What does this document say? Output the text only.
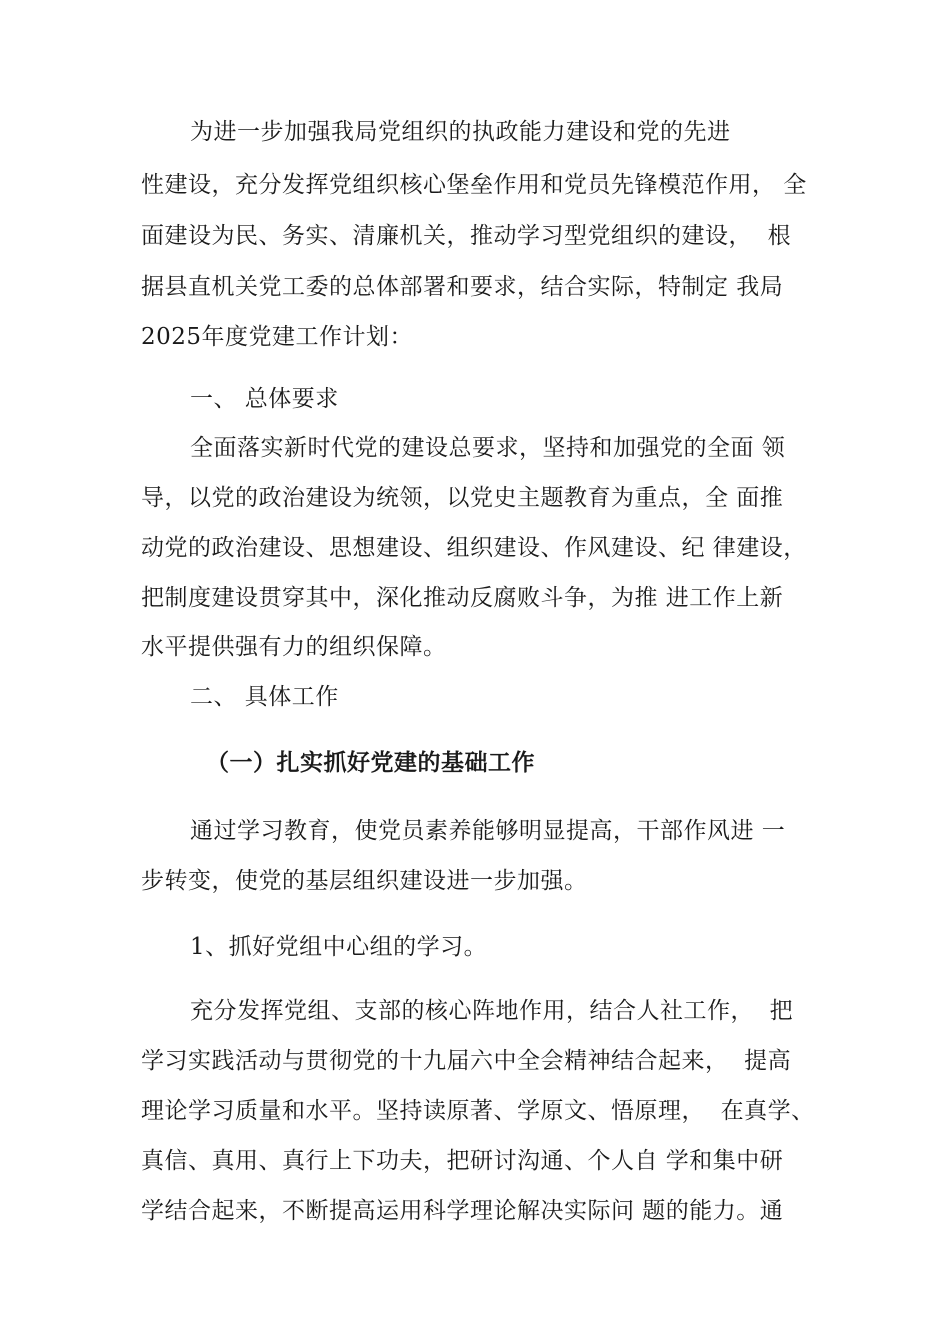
为进一步加强我局党组织的执政能力建设和党的先进
性建设，充分发挥党组织核心堡垒作用和党员先锋模范作用， 全
面建设为民、务实、清廉机关，推动学习型党组织的建设，  根
据县直机关党工委的总体部署和要求，结合实际，特制定 我局
2025年度党建工作计划：
一、 总体要求
全面落实新时代党的建设总要求，坚持和加强党的全面 领
导，以党的政治建设为统领，以党史主题教育为重点，全 面推
动党的政治建设、思想建设、组织建设、作风建设、纪 律建设，
把制度建设贯穿其中，深化推动反腐败斗争，为推 进工作上新
水平提供强有力的组织保障。
二、 具体工作
（一）扎实抓好党建的基础工作
通过学习教育，使党员素养能够明显提高，干部作风进 一
步转变，使党的基层组织建设进一步加强。
1、抓好党组中心组的学习。
充分发挥党组、支部的核心阵地作用，结合人社工作，  把
学习实践活动与贯彻党的十九届六中全会精神结合起来，  提高
理论学习质量和水平。坚持读原著、学原文、悟原理，  在真学、
真信、真用、真行上下功夫，把研讨沟通、个人自 学和集中研
学结合起来，不断提高运用科学理论解决实际问 题的能力。通
